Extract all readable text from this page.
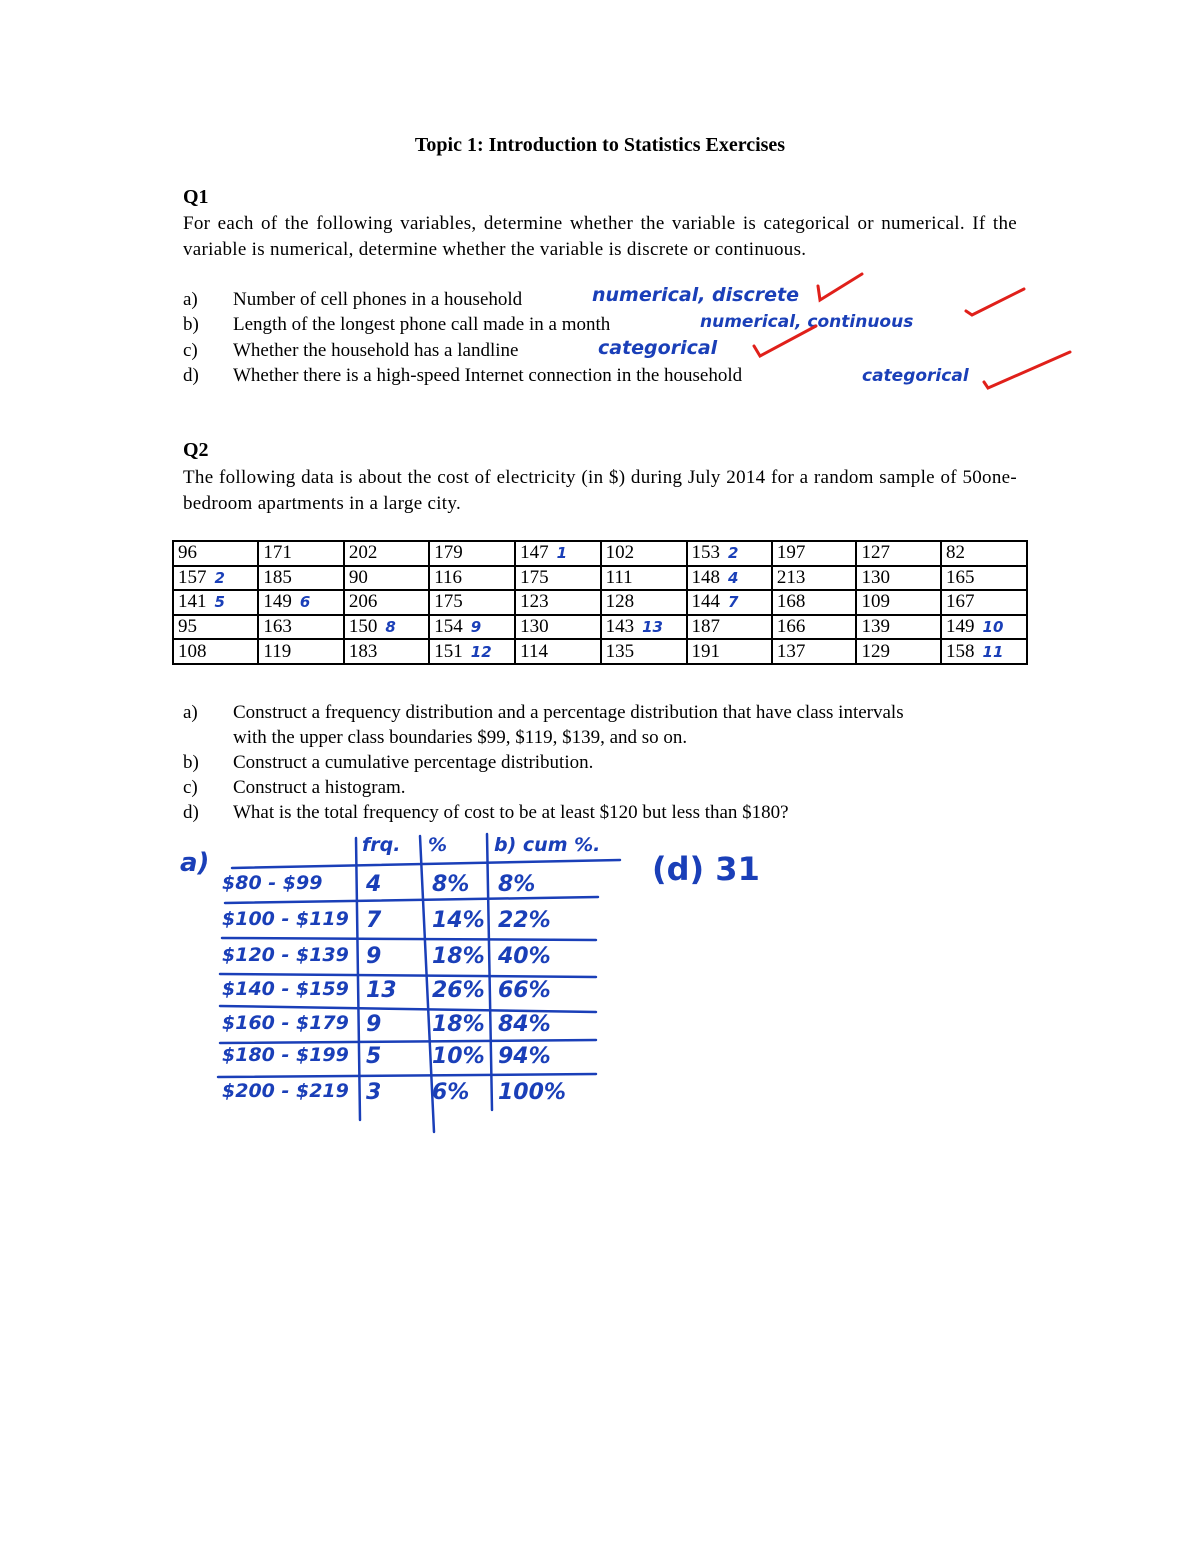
Topic 1: Introduction to Statistics Exercises
Q1
For each of the following variables, determine whether the variable is categorical or numerical. If the variable is numerical, determine whether the variable is discrete or continuous.
a) Number of cell phones in a household
b) Length of the longest phone call made in a month
c) Whether the household has a landline
d) Whether there is a high-speed Internet connection in the household
numerical, discrete
numerical, continuous
categorical
categorical
Q2
The following data is about the cost of electricity (in $) during July 2014 for a random sample of 50one-bedroom apartments in a large city.
96	171	202	179	147 1	102	153 2	197	127	82
157 2	185	90	116	175	111	148 4	213	130	165
141 5	149 6	206	175	123	128	144 7	168	109	167
95	163	150 8	154 9	130	143 13	187	166	139	149 10
108	119	183	151 12	114	135	191	137	129	158 11
a) Construct a frequency distribution and a percentage distribution that have class intervals
with the upper class boundaries $99, $119, $139, and so on.
b) Construct a cumulative percentage distribution.
c) Construct a histogram.
d) What is the total frequency of cost to be at least $120 but less than $180?
a)	(d) 31
frq. % b) cum %.
$80 - $99 4 8% 8%
$100 - $119 7 14% 22%
$120 - $139 9 18% 40%
$140 - $159 13 26% 66%
$160 - $179 9 18% 84%
$180 - $199 5 10% 94%
$200 - $219 3 6% 100%
